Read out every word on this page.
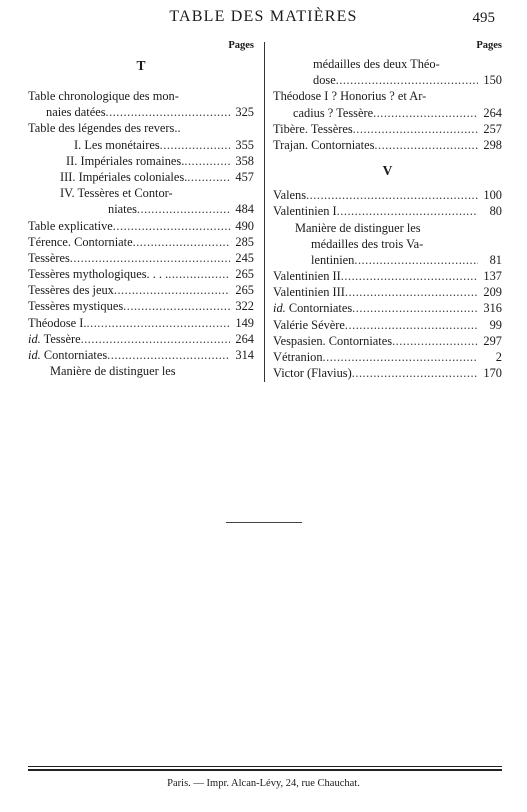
TABLE DES MATIÈRES	495
Pages
T
Table chronologique des mon-
naies datées .....	325
Table des légendes des revers..
I. Les monétaires .....	355
II. Impériales romaines. .....	358
III. Impériales coloniales. .....	457
IV. Tessères et Contor-
niates .....	484
Table explicative .....	490
Térence. Contorniate .....	285
Tessères .....	245
Tessères mythologiques. . . . .....	265
Tessères des jeux .....	265
Tessères mystiques .....	322
Théodose I. .....	149
id. Tessère .....	264
id. Contorniates .....	314
Manière de distinguer les
Pages
médailles des deux Théo-
dose .....	150
Théodose I ? Honorius ? et Ar-
cadius ? Tessère .....	264
Tibère. Tessères .....	257
Trajan. Contorniates .....	298
V
Valens .....	100
Valentinien I .....	80
Manière de distinguer les
médailles des trois Va-
lentinien .....	81
Valentinien II .....	137
Valentinien III .....	209
id. Contorniates .....	316
Valérie Sévère .....	99
Vespasien. Contorniates .....	297
Vétranion .....	2
Victor (Flavius) .....	170
Paris. — Impr. Alcan-Lévy, 24, rue Chauchat.
